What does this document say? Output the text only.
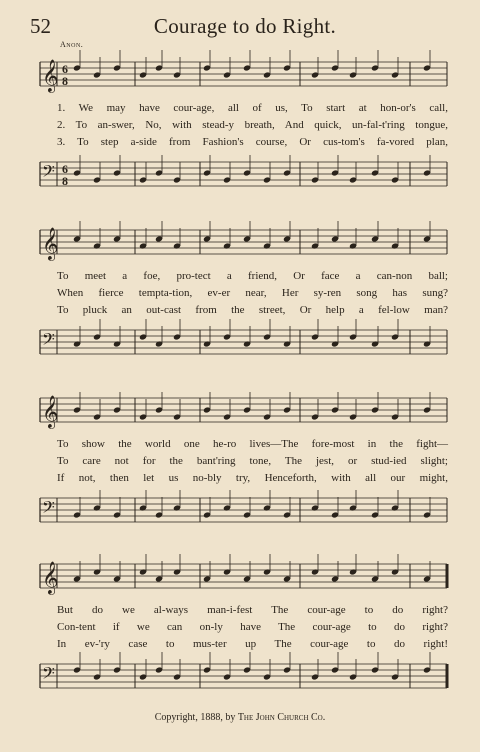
52	Courage to do Right.
Anon.
𝄞 6
8
1. We may have cour-age, all of us, To start at hon-or's call,
2. To an-swer, No, with stead-y breath, And quick, un-fal-t'ring tongue,
3. To step a-side from Fashion's course, Or cus-tom's fa-vored plan,
𝄢 6
8
𝄞
To meet a foe, pro-tect a friend, Or face a can-non ball;
When fierce tempta-tion, ev-er near, Her sy-ren song has sung?
To pluck an out-cast from the street, Or help a fel-low man?
𝄢
𝄞
To show the world one he-ro lives—The fore-most in the fight—
To care not for the bant'ring tone, The jest, or stud-ied slight;
If not, then let us no-bly try, Henceforth, with all our might,
𝄢
𝄞
But do we al-ways man-i-fest The cour-age to do right?
Con-tent if we can on-ly have The cour-age to do right?
In ev-'ry case to mus-ter up The cour-age to do right!
𝄢
Copyright, 1888, by The John Church Co.
